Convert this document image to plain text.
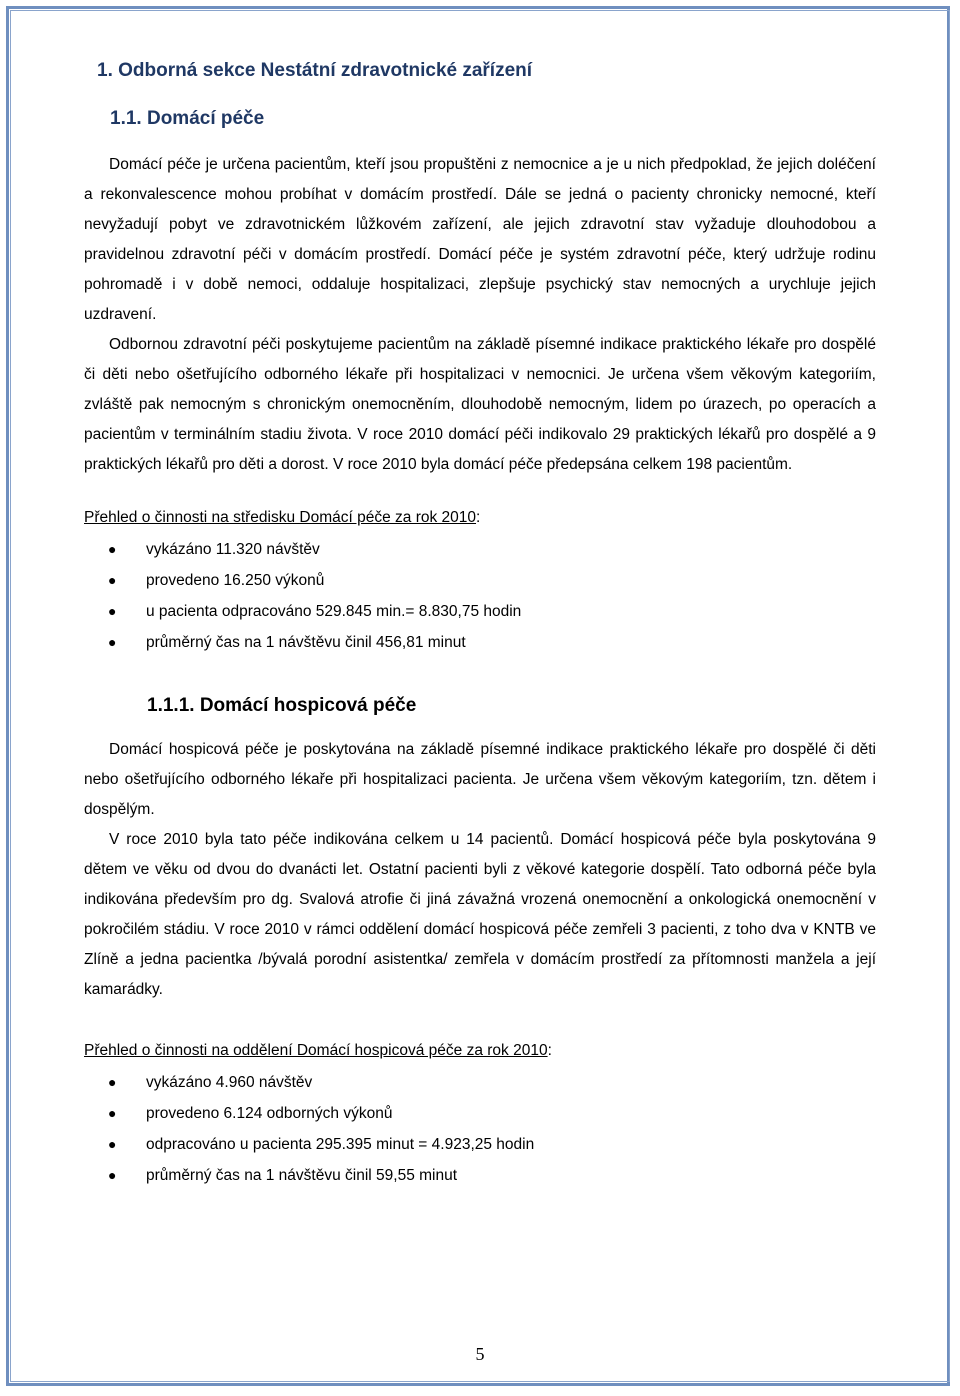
1. Odborná sekce Nestátní zdravotnické zařízení
1.1. Domácí péče

Domácí péče je určena pacientům, kteří jsou propuštěni z nemocnice a je u nich předpoklad, že jejich doléčení a rekonvalescence mohou probíhat v domácím prostředí. Dále se jedná o pacienty chronicky nemocné, kteří nevyžadují pobyt ve zdravotnickém lůžkovém zařízení, ale jejich zdravotní stav vyžaduje dlouhodobou a pravidelnou zdravotní péči v domácím prostředí. Domácí péče je systém zdravotní péče, který udržuje rodinu pohromadě i v době nemoci, oddaluje hospitalizaci, zlepšuje psychický stav nemocných a urychluje jejich uzdravení.

Odbornou zdravotní péči poskytujeme pacientům na základě písemné indikace praktického lékaře pro dospělé či děti nebo ošetřujícího odborného lékaře při hospitalizaci v nemocnici. Je určena všem věkovým kategoriím, zvláště pak nemocným s chronickým onemocněním, dlouhodobě nemocným, lidem po úrazech, po operacích a pacientům v terminálním stadiu života. V roce 2010 domácí péči indikovalo 29 praktických lékařů pro dospělé a 9 praktických lékařů pro děti a dorost. V roce 2010 byla domácí péče předepsána celkem 198 pacientům.

Přehled o činnosti na středisku Domácí péče za rok 2010:
● vykázáno 11.320 návštěv
● provedeno 16.250 výkonů
● u pacienta odpracováno 529.845 min.= 8.830,75 hodin
● průměrný čas na 1 návštěvu činil 456,81 minut
1.1.1. Domácí hospicová péče

Domácí hospicová péče je poskytována na základě písemné indikace praktického lékaře pro dospělé či děti nebo ošetřujícího odborného lékaře při hospitalizaci pacienta. Je určena všem věkovým kategoriím, tzn. dětem i dospělým.

V roce 2010 byla tato péče indikována celkem u 14 pacientů. Domácí hospicová péče byla poskytována 9 dětem ve věku od dvou do dvanácti let. Ostatní pacienti byli z věkové kategorie dospělí. Tato odborná péče byla indikována především pro dg. Svalová atrofie či jiná závažná vrozená onemocnění a onkologická onemocnění v pokročilém stádiu. V roce 2010 v rámci oddělení domácí hospicová péče zemřeli 3 pacienti, z toho dva v KNTB ve Zlíně a jedna pacientka /bývalá porodní asistentka/ zemřela v domácím prostředí za přítomnosti manžela a její kamarádky.

Přehled o činnosti na oddělení Domácí hospicová péče za rok 2010:
● vykázáno 4.960 návštěv
● provedeno 6.124 odborných výkonů
● odpracováno u pacienta 295.395 minut = 4.923,25 hodin
● průměrný čas na 1 návštěvu činil 59,55 minut
5
